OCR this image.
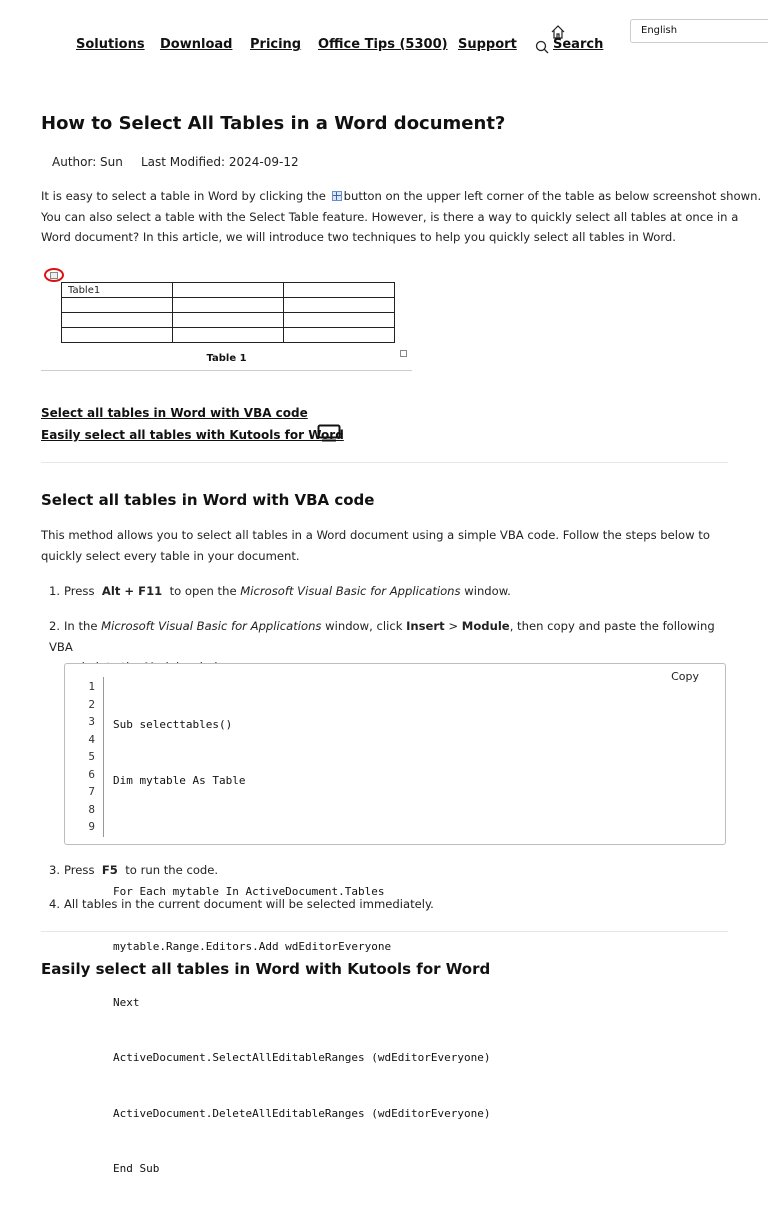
Solutions Download Pricing Office Tips (5300) Support	Search
English
How to Select All Tables in a Word document?
Author: Sun Last Modified: 2024-09-12

It is easy to select a table in Word by clicking the button on the upper left corner of the table as below screenshot shown.
You can also select a table with the Select Table feature. However, is there a way to quickly select all tables at once in a
Word document? In this article, we will introduce two techniques to help you quickly select all tables in Word.

Table1		

Table 1
Select all tables in Word with VBA code
Easily select all tables with Kutools for Word
Select all tables in Word with VBA code

This method allows you to select all tables in a Word document using a simple VBA code. Follow the steps below to
quickly select every table in your document.

1. Press Alt + F11 to open the Microsoft Visual Basic for Applications window.
2. In the Microsoft Visual Basic for Applications window, click Insert > Module, then copy and paste the following VBA

Copy
1
2
3
4
5
6
7
8
9

Sub selecttables()

Dim mytable As Table

For Each mytable In ActiveDocument.Tables

mytable.Range.Editors.Add wdEditorEveryone

Next

ActiveDocument.SelectAllEditableRanges (wdEditorEveryone)

ActiveDocument.DeleteAllEditableRanges (wdEditorEveryone)

End Sub

3. Press F5 to run the code.
4. All tables in the current document will be selected immediately.
Easily select all tables in Word with Kutools for Word
